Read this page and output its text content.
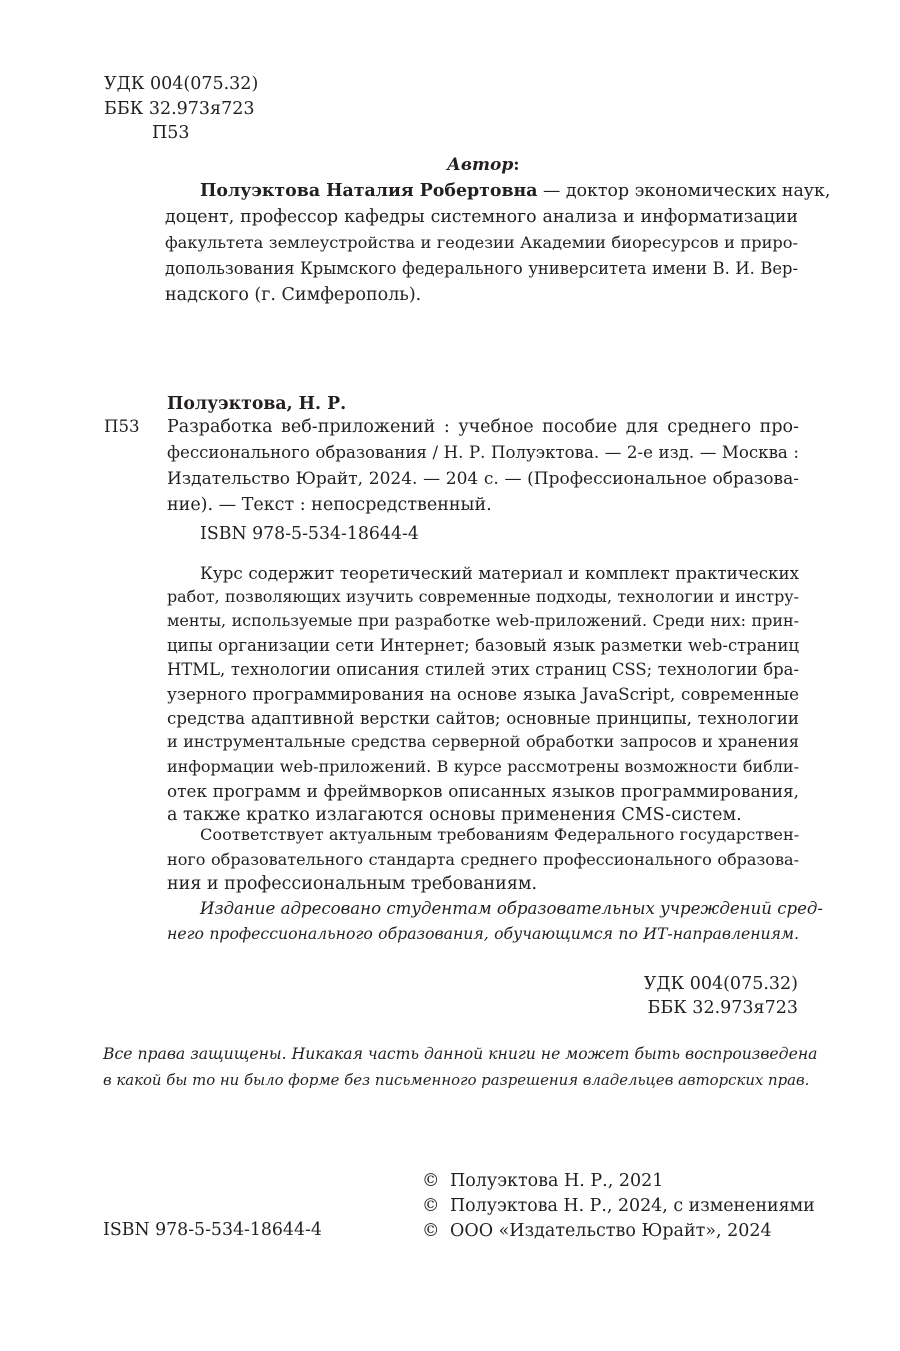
УДК 004(075.32)
ББК 32.973я723
П53
Автор:
Полуэктова Наталия Робертовна — доктор экономических наук,
доцент, профессор кафедры системного анализа и информатизации
факультета землеустройства и геодезии Академии биоресурсов и приро-
допользования Крымского федерального университета имени В. И. Вер-
надского (г. Симферополь).
Полуэктова, Н. Р.
П53 Разработка веб-приложений : учебное пособие для среднего про-
фессионального образования / Н. Р. Полуэктова. — 2-е изд. — Москва :
Издательство Юрайт, 2024. — 204 с. — (Профессиональное образова-
ние). — Текст : непосредственный.
ISBN 978-5-534-18644-4
Курс содержит теоретический материал и комплект практических
работ, позволяющих изучить современные подходы, технологии и инстру-
менты, используемые при разработке web-приложений. Среди них: прин-
ципы организации сети Интернет; базовый язык разметки web-страниц
HTML, технологии описания стилей этих страниц CSS; технологии бра-
узерного программирования на основе языка JavaScript, современные
средства адаптивной верстки сайтов; основные принципы, технологии
и инструментальные средства серверной обработки запросов и хранения
информации web-приложений. В курсе рассмотрены возможности библи-
отек программ и фреймворков описанных языков программирования,
а также кратко излагаются основы применения CMS-систем.
Соответствует актуальным требованиям Федерального государствен-
ного образовательного стандарта среднего профессионального образова-
ния и профессиональным требованиям.
Издание адресовано студентам образовательных учреждений сред-
него профессионального образования, обучающимся по ИТ-направлениям.
УДК 004(075.32)
ББК 32.973я723
Все права защищены. Никакая часть данной книги не может быть воспроизведена
в какой бы то ни было форме без письменного разрешения владельцев авторских прав.
© Полуэктова Н. Р., 2021
© Полуэктова Н. Р., 2024, с изменениями
© ООО «Издательство Юрайт», 2024
ISBN 978-5-534-18644-4
